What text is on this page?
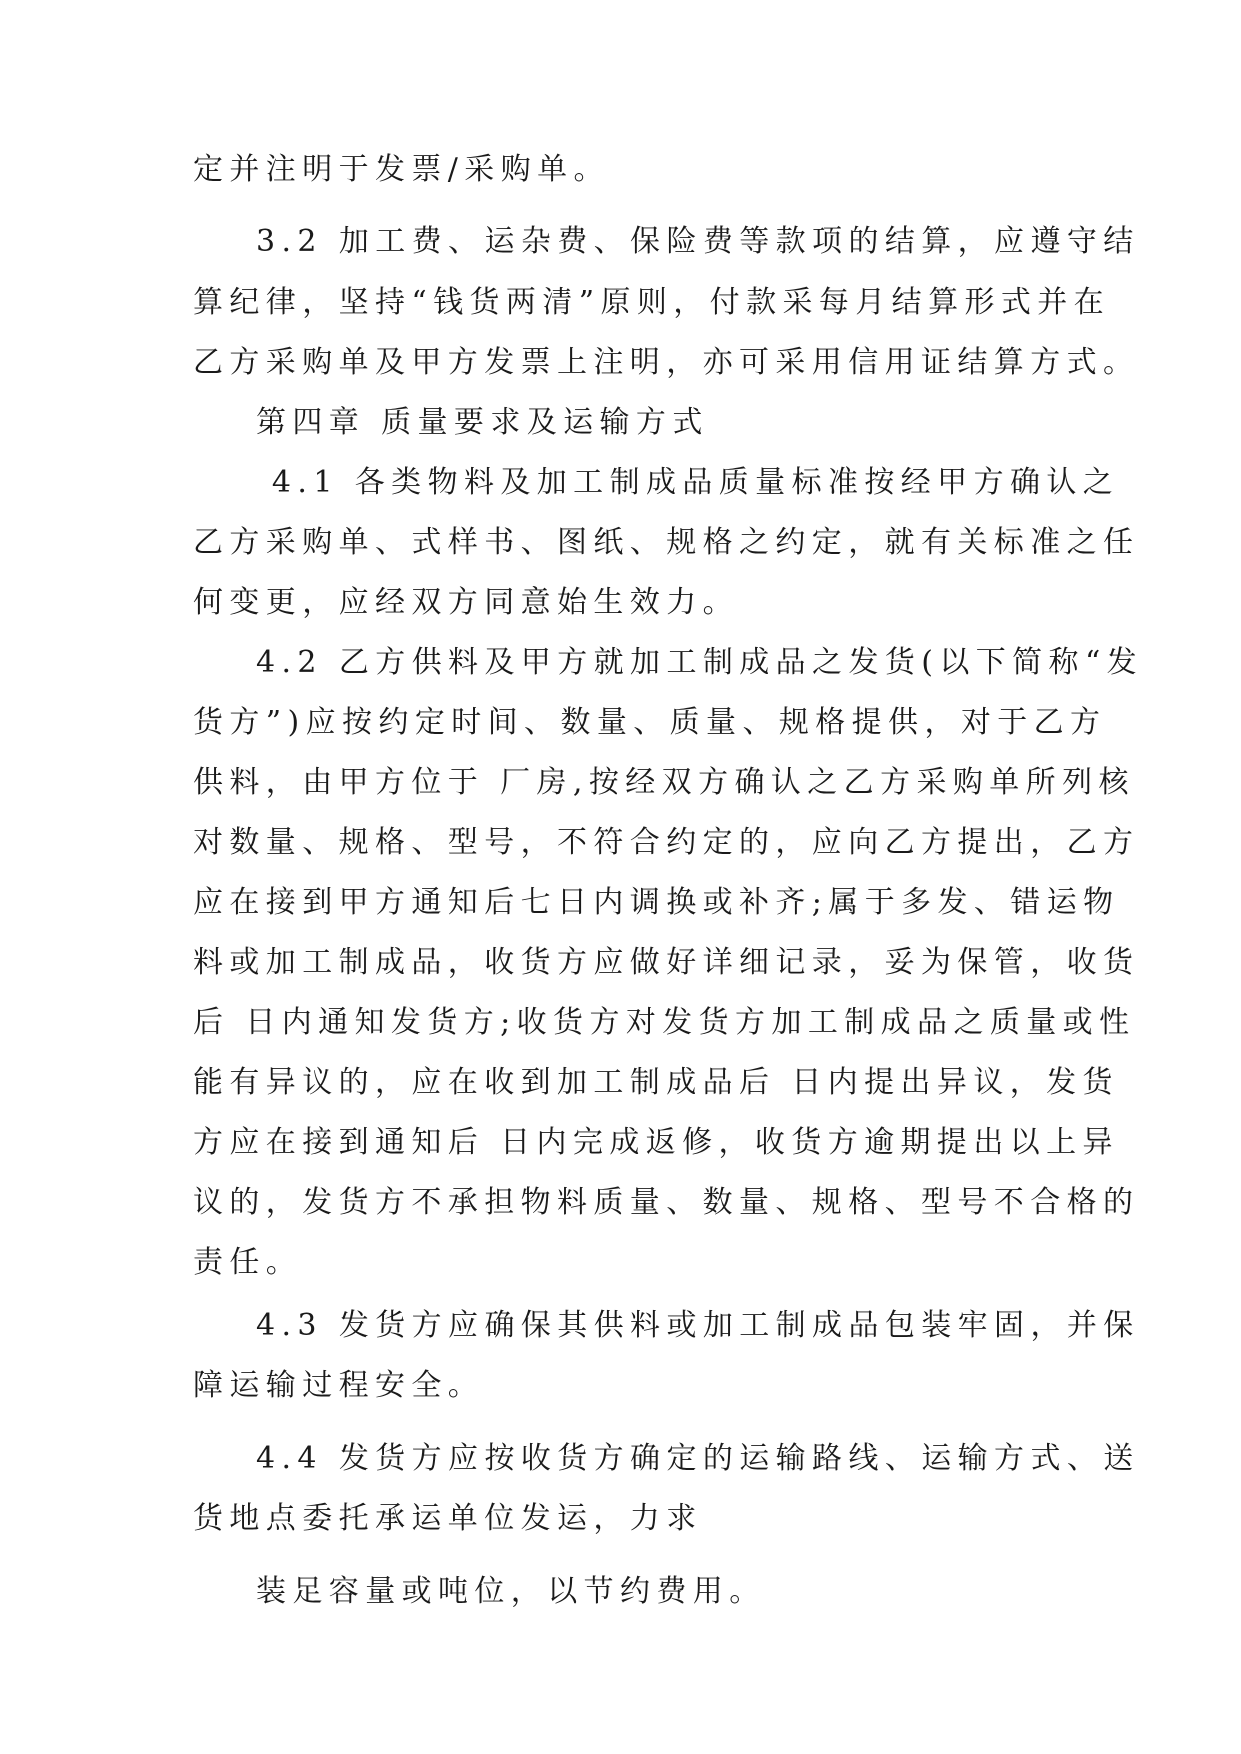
定并注明于发票/采购单。
3.2 加工费、运杂费、保险费等款项的结算，应遵守结
算纪律，坚持“钱货两清”原则，付款采每月结算形式并在
乙方采购单及甲方发票上注明，亦可采用信用证结算方式。
第四章 质量要求及运输方式
4.1 各类物料及加工制成品质量标准按经甲方确认之
乙方采购单、式样书、图纸、规格之约定，就有关标准之任
何变更，应经双方同意始生效力。
4.2 乙方供料及甲方就加工制成品之发货(以下简称“发
货方”)应按约定时间、数量、质量、规格提供，对于乙方
供料，由甲方位于 厂房,按经双方确认之乙方采购单所列核
对数量、规格、型号，不符合约定的，应向乙方提出，乙方
应在接到甲方通知后七日内调换或补齐;属于多发、错运物
料或加工制成品，收货方应做好详细记录，妥为保管，收货
后 日内通知发货方;收货方对发货方加工制成品之质量或性
能有异议的，应在收到加工制成品后 日内提出异议，发货
方应在接到通知后 日内完成返修，收货方逾期提出以上异
议的，发货方不承担物料质量、数量、规格、型号不合格的
责任。
4.3 发货方应确保其供料或加工制成品包装牢固，并保
障运输过程安全。
4.4 发货方应按收货方确定的运输路线、运输方式、送
货地点委托承运单位发运，力求
装足容量或吨位，以节约费用。
